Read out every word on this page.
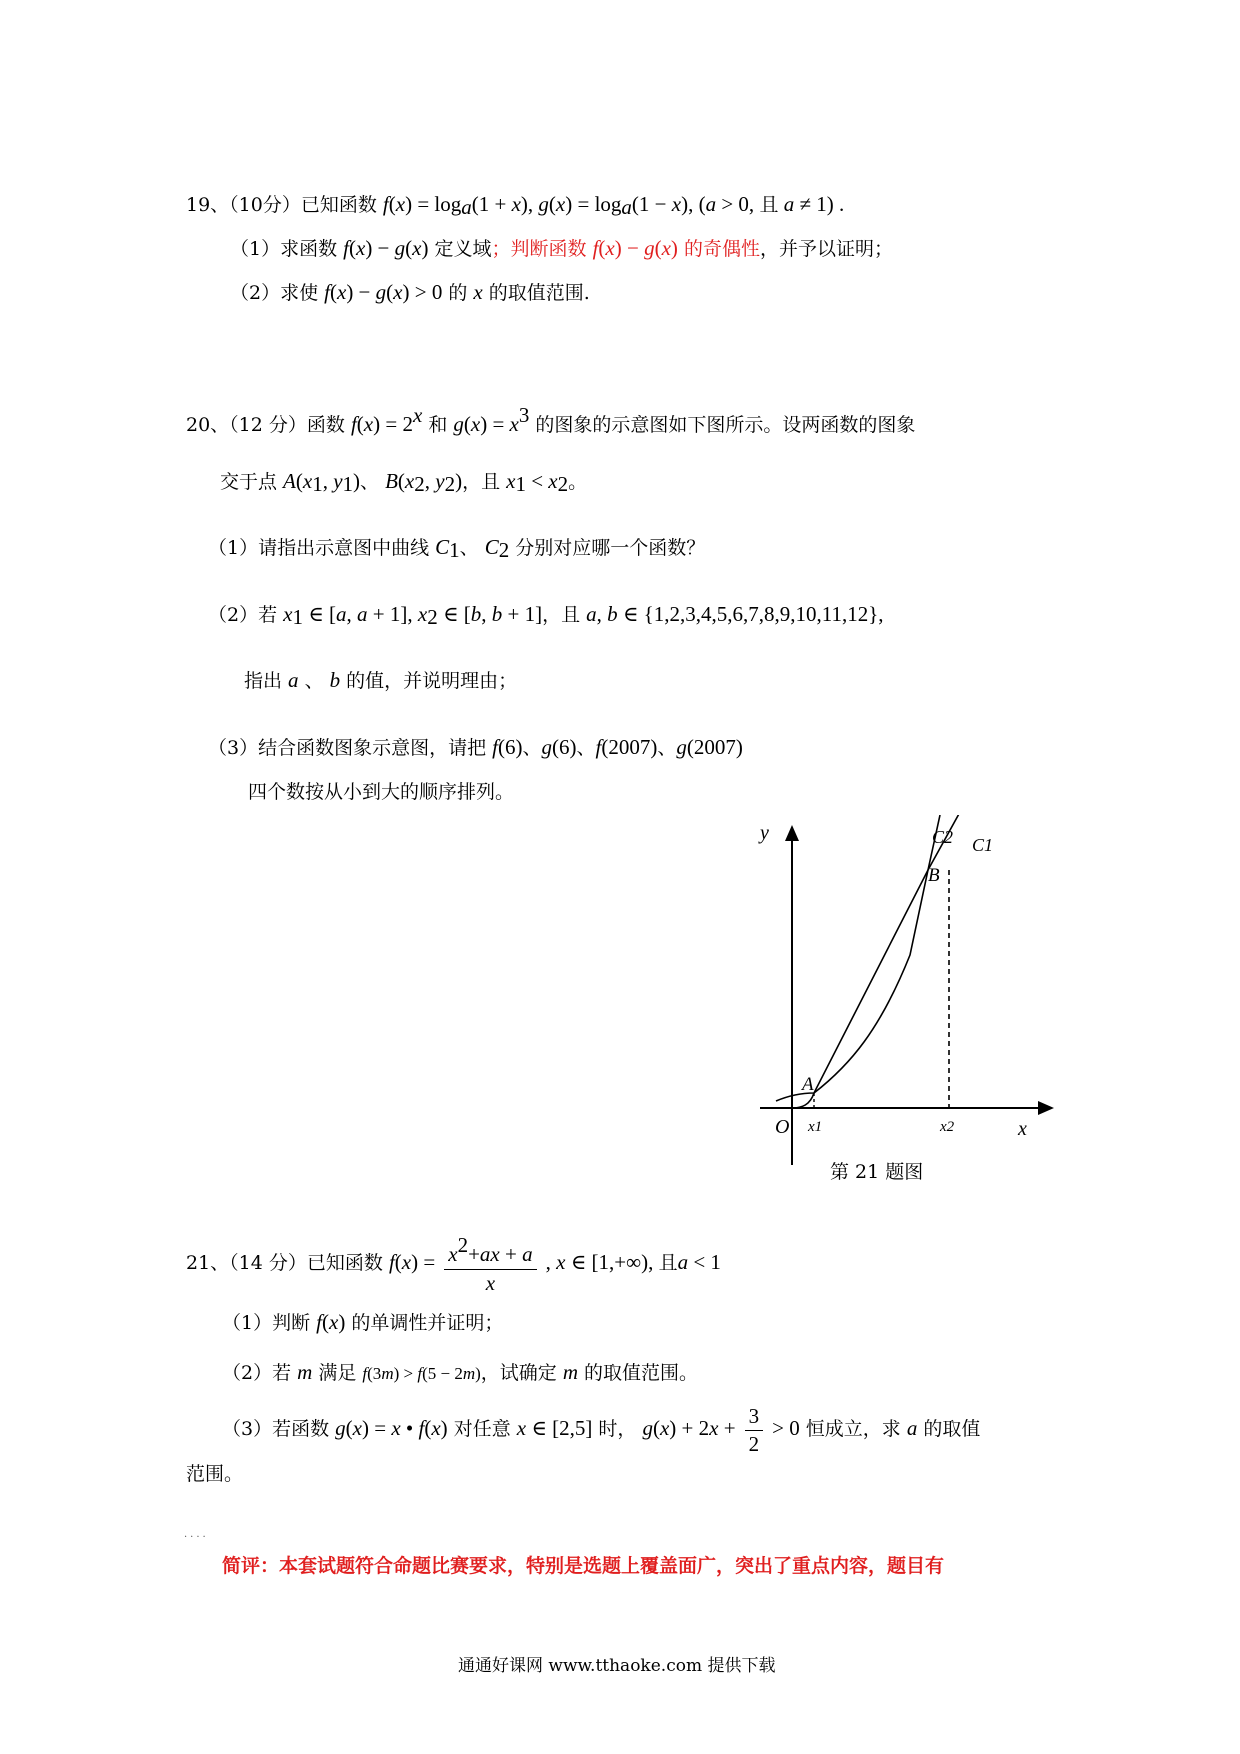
19、（10分）已知函数 $f(x) = \log_a(1 + x)$, $g(x) = \log_a(1 - x)$, (a > 0, 且 a ≠ 1) .
（1）求函数 f(x) − g(x) 定义域；判断函数 f(x) − g(x) 的奇偶性，并予以证明；
（2）求使 f(x) − g(x) > 0 的 x 的取值范围.
20、（12 分）函数 $f(x) = 2^x$ 和 $g(x) = x^3$ 的图象的示意图如下图所示。设两函数的图象
交于点 $A(x_1$, $y_1$)、 $B(x_2$, $y_2$)，且 $x_1 < x_2$。
（1）请指出示意图中曲线 $C_1$、 $C_2$ 分别对应哪一个函数？
（2）若 $x_1$ ∈ [a, a + 1], $x_2$ ∈ [b, b + 1]，且 a, b ∈ {1,2,3,4,5,6,7,8,9,10,11,12},
指出 a 、 b 的值，并说明理由；
（3）结合函数图象示意图，请把 f(6)、g(6)、f(2007)、g(2007)
四个数按从小到大的顺序排列。
y
x
O
C2 C1
B
A
x1	x2
第 21 题图
21、（14 分）已知函数 $f(x) = \frac{x^2+ax + a}{x}$ , x ∈ [1,+∞), 且a < 1
（1）判断 f(x) 的单调性并证明；
（2）若 m 满足 f(3m) > f(5 − 2m)，试确定 m 的取值范围。
（3）若函数 g(x) = x • f(x) 对任意 x ∈ [2,5] 时， $g(x) + 2x + \frac{3}{2} > 0$ 恒成立，求 a 的取值
范围。
....
简评：本套试题符合命题比赛要求，特别是选题上覆盖面广，突出了重点内容，题目有
通通好课网 www.tthaoke.com 提供下载
